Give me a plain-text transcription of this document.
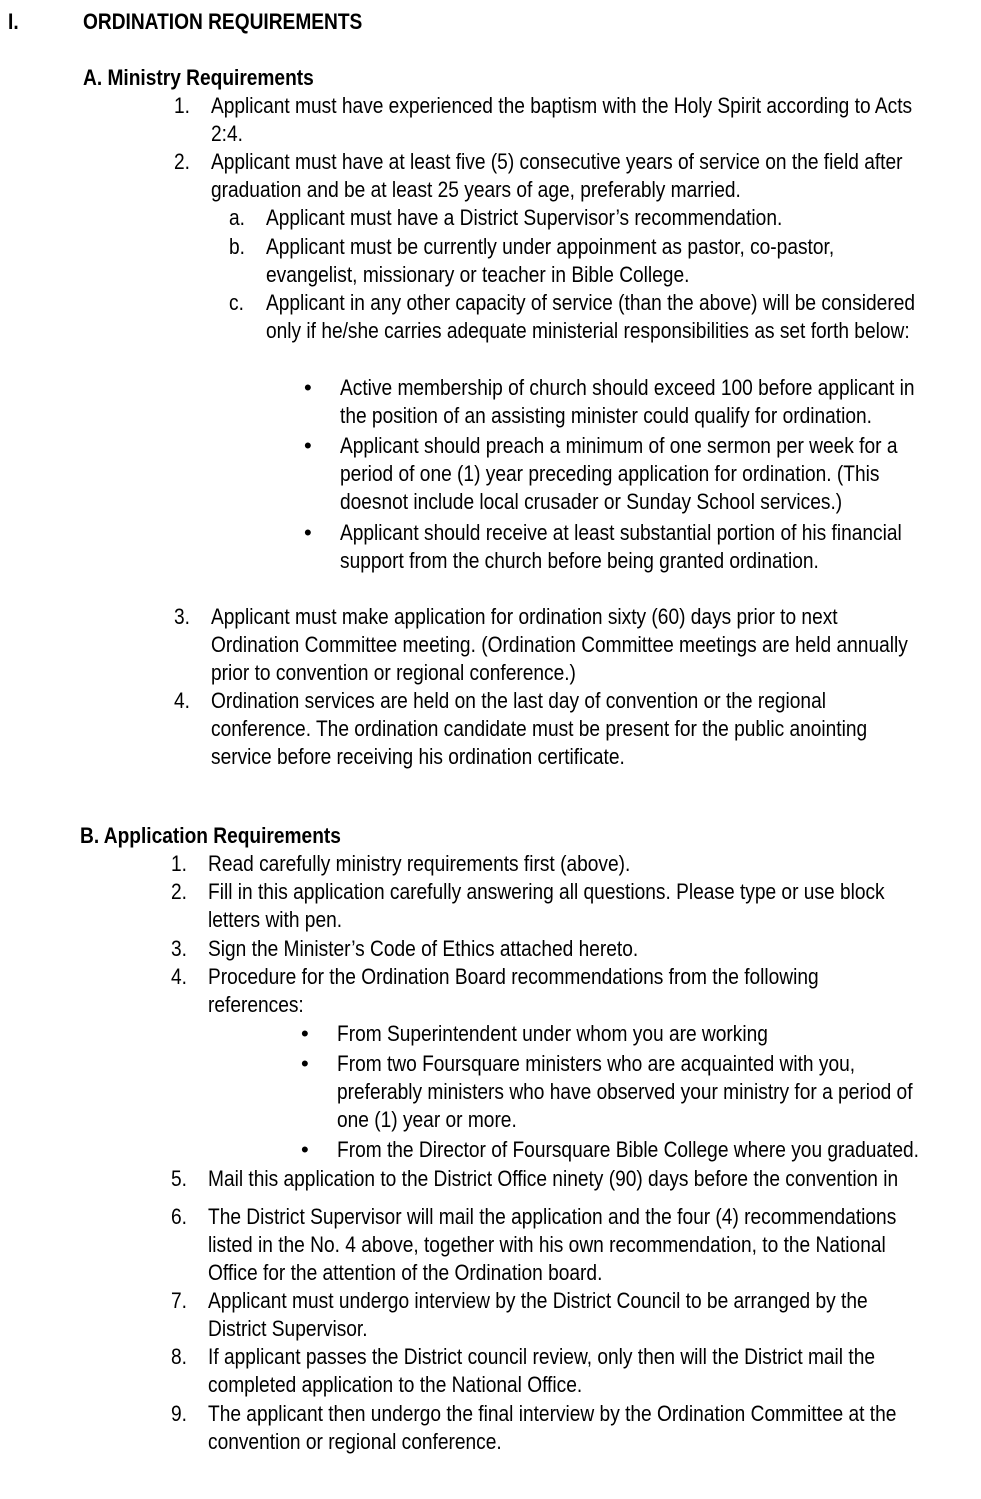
I.	ORDINATION REQUIREMENTS
A. Ministry Requirements
1. Applicant must have experienced the baptism with the Holy Spirit according to Acts
2:4.
2. Applicant must have at least five (5) consecutive years of service on the field after
graduation and be at least 25 years of age, preferably married.
3. Applicant must make application for ordination sixty (60) days prior to next
Ordination Committee meeting. (Ordination Committee meetings are held annually
prior to convention or regional conference.)
4. Ordination services are held on the last day of convention or the regional
conference. The ordination candidate must be present for the public anointing
service before receiving his ordination certificate.
a. Applicant must have a District Supervisor’s recommendation.
b. Applicant must be currently under appoinment as pastor, co-pastor,
evangelist, missionary or teacher in Bible College.
c. Applicant in any other capacity of service (than the above) will be considered
only if he/she carries adequate ministerial responsibilities as set forth below:
• Active membership of church should exceed 100 before applicant in
the position of an assisting minister could qualify for ordination.
• Applicant should preach a minimum of one sermon per week for a
period of one (1) year preceding application for ordination. (This
doesnot include local crusader or Sunday School services.)
• Applicant should receive at least substantial portion of his financial
support from the church before being granted ordination.
B. Application Requirements
1. Read carefully ministry requirements first (above).
2. Fill in this application carefully answering all questions. Please type or use block
letters with pen.
3. Sign the Minister’s Code of Ethics attached hereto.
4. Procedure for the Ordination Board recommendations from the following
references:
5. Mail this application to the District Office ninety (90) days before the convention in
6. The District Supervisor will mail the application and the four (4) recommendations
listed in the No. 4 above, together with his own recommendation, to the National
Office for the attention of the Ordination board.
7. Applicant must undergo interview by the District Council to be arranged by the
District Supervisor.
8. If applicant passes the District council review, only then will the District mail the
completed application to the National Office.
9. The applicant then undergo the final interview by the Ordination Committee at the
convention or regional conference.
• From Superintendent under whom you are working
• From two Foursquare ministers who are acquainted with you,
preferably ministers who have observed your ministry for a period of
one (1) year or more.
• From the Director of Foursquare Bible College where you graduated.
